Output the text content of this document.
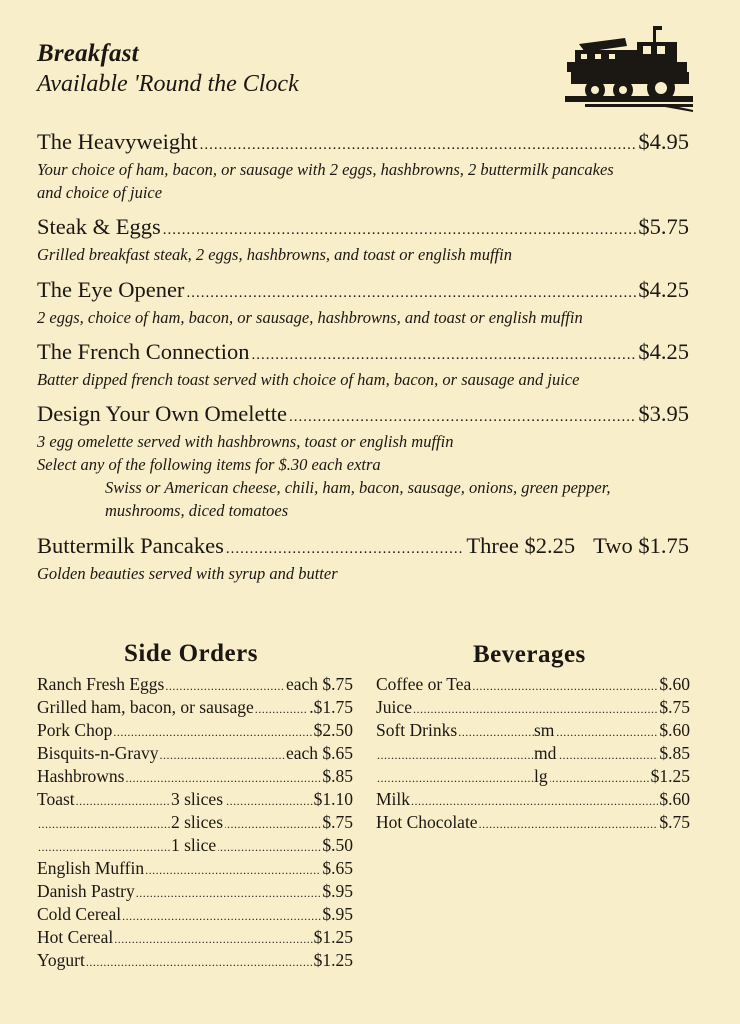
Breakfast
Available 'Round the Clock
The Heavyweight .....	$4.95
Your choice of ham, bacon, or sausage with 2 eggs, hashbrowns, 2 buttermilk pancakes
and choice of juice
Steak & Eggs .....	$5.75
Grilled breakfast steak, 2 eggs, hashbrowns, and toast or english muffin
The Eye Opener .....	$4.25
2 eggs, choice of ham, bacon, or sausage, hashbrowns, and toast or english muffin
The French Connection .....	$4.25
Batter dipped french toast served with choice of ham, bacon, or sausage and juice
Design Your Own Omelette .....	$3.95
3 egg omelette served with hashbrowns, toast or english muffin
Select any of the following items for $.30 each extra
Swiss or American cheese, chili, ham, bacon, sausage, onions, green pepper,
mushrooms, diced tomatoes
Buttermilk Pancakes .....	Three $2.25 Two $1.75
Golden beauties served with syrup and butter
Side Orders
Ranch Fresh Eggs .....	each $.75
Grilled ham, bacon, or sausage .....	.$1.75
Pork Chop .....	$2.50
Bisquits-n-Gravy .....	each $.65
Hashbrowns .....	$.85
Toast	3 slices .....	$1.10
2 slices .....	$.75
1 slice .....	$.50
English Muffin .....	$.65
Danish Pastry .....	$.95
Cold Cereal .....	$.95
Hot Cereal .....	$1.25
Yogurt .....	$1.25
Beverages
Coffee or Tea .....	$.60
Juice .....	$.75
Soft Drinks	sm .....	$.60
md .....	$.85
lg .....	$1.25
Milk .....	$.60
Hot Chocolate .....	$.75
